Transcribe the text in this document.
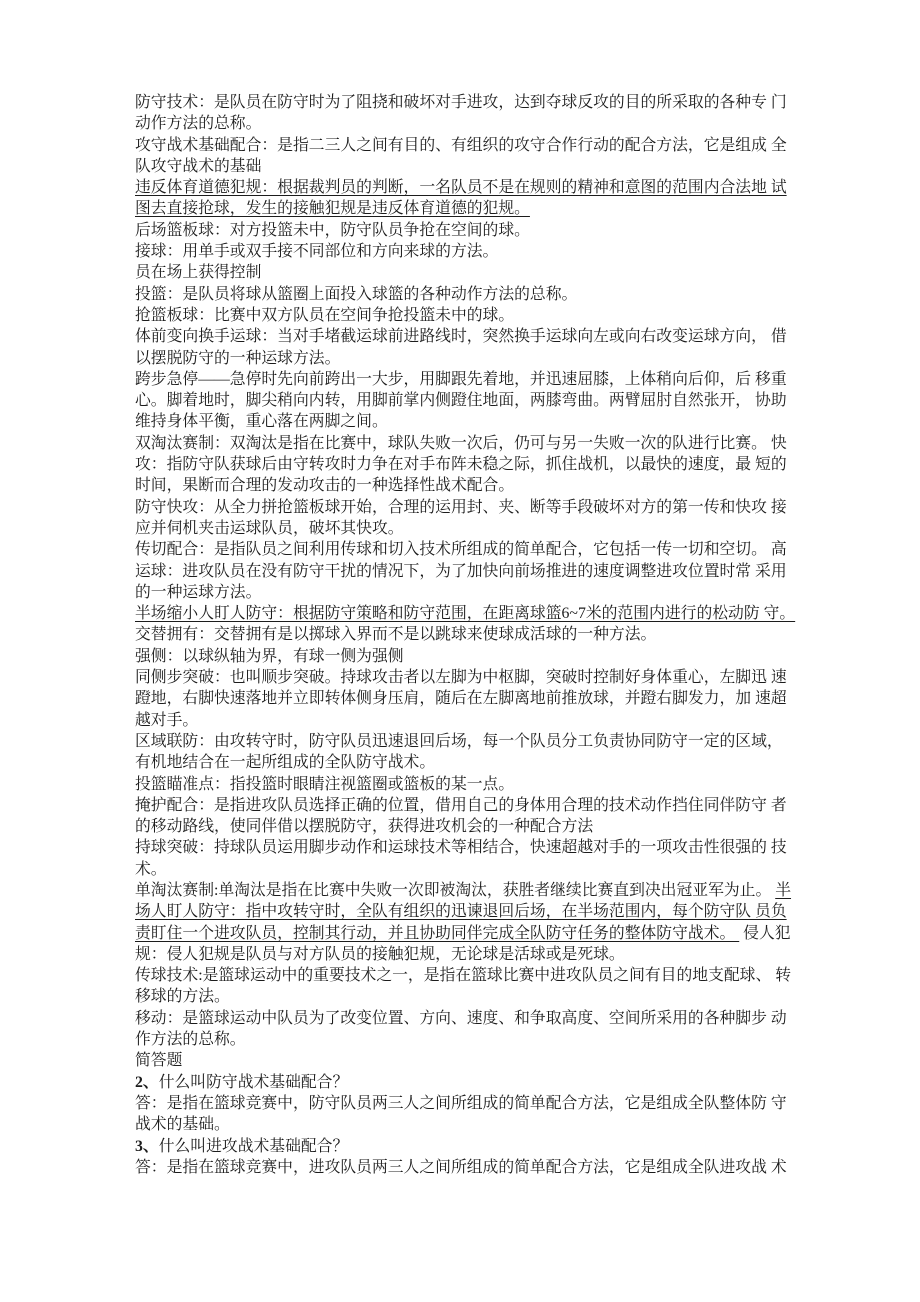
防守技术：是队员在防守时为了阻挠和破坏对手进攻，达到夺球反攻的目的所采取的各种专 门
动作方法的总称。
攻守战术基础配合：是指二三人之间有目的、有组织的攻守合作行动的配合方法，它是组成 全
队攻守战术的基础
违反体育道德犯规：根据裁判员的判断，一名队员不是在规则的精神和意图的范围内合法地 试
图去直接抢球，发生的接触犯规是违反体育道德的犯规。
后场篮板球：对方投篮未中，防守队员争抢在空间的球。
接球：用单手或双手接不同部位和方向来球的方法。
员在场上获得控制
投篮：是队员将球从篮圈上面投入球篮的各种动作方法的总称。
抢篮板球：比赛中双方队员在空间争抢投篮未中的球。
体前变向换手运球：当对手堵截运球前进路线时，突然换手运球向左或向右改变运球方向， 借
以摆脱防守的一种运球方法。
跨步急停——急停时先向前跨出一大步，用脚跟先着地，并迅速屈膝，上体稍向后仰，后 移重
心。脚着地时，脚尖稍向内转，用脚前掌内侧蹬住地面，两膝弯曲。两臂屈肘自然张开， 协助
维持身体平衡，重心落在两脚之间。
双淘汰赛制：双淘汰是指在比赛中，球队失败一次后，仍可与另一失败一次的队进行比赛。 快
攻：指防守队获球后由守转攻时力争在对手布阵未稳之际，抓住战机，以最快的速度，最 短的
时间，果断而合理的发动攻击的一种选择性战术配合。
防守快攻：从全力拼抢篮板球开始，合理的运用封、夹、断等手段破坏对方的第一传和快攻 接
应并伺机夹击运球队员，破坏其快攻。
传切配合：是指队员之间利用传球和切入技术所组成的简单配合，它包括一传一切和空切。 高
运球：进攻队员在没有防守干扰的情况下，为了加快向前场推进的速度调整进攻位置时常 采用
的一种运球方法。
半场缩小人盯人防守：根据防守策略和防守范围，在距离球篮6~7米的范围内进行的松动防 守。
交替拥有：交替拥有是以掷球入界而不是以跳球来使球成活球的一种方法。
强侧：以球纵轴为界，有球一侧为强侧
同侧步突破：也叫顺步突破。持球攻击者以左脚为中枢脚，突破时控制好身体重心，左脚迅 速
蹬地，右脚快速落地并立即转体侧身压肩，随后在左脚离地前推放球，并蹬右脚发力，加 速超
越对手。
区域联防：由攻转守时，防守队员迅速退回后场，每一个队员分工负责协同防守一定的区域，
有机地结合在一起所组成的全队防守战术。
投篮瞄准点：指投篮时眼睛注视篮圈或篮板的某一点。
掩护配合：是指进攻队员选择正确的位置，借用自己的身体用合理的技术动作挡住同伴防守 者
的移动路线，使同伴借以摆脱防守，获得进攻机会的一种配合方法
持球突破：持球队员运用脚步动作和运球技术等相结合，快速超越对手的一项攻击性很强的 技
术。
单淘汰赛制:单淘汰是指在比赛中失败一次即被淘汰，获胜者继续比赛直到决出冠亚军为止。 半
场人盯人防守：指中攻转守时，全队有组织的迅谏退回后场，在半场范围内，每个防守队 员负
责盯住一个进攻队员，控制其行动，并且协助同伴完成全队防守任务的整体防守战术。  侵人犯
规：侵人犯规是队员与对方队员的接触犯规，无论球是活球或是死球。
传球技术:是篮球运动中的重要技术之一，是指在篮球比赛中进攻队员之间有目的地支配球、 转
移球的方法。
移动：是篮球运动中队员为了改变位置、方向、速度、和争取高度、空间所采用的各种脚步 动
作方法的总称。
简答题
2、什么叫防守战术基础配合？
答：是指在篮球竞赛中，防守队员两三人之间所组成的简单配合方法，它是组成全队整体防 守
战术的基础。
3、什么叫进攻战术基础配合？
答：是指在篮球竞赛中，进攻队员两三人之间所组成的简单配合方法，它是组成全队进攻战 术
